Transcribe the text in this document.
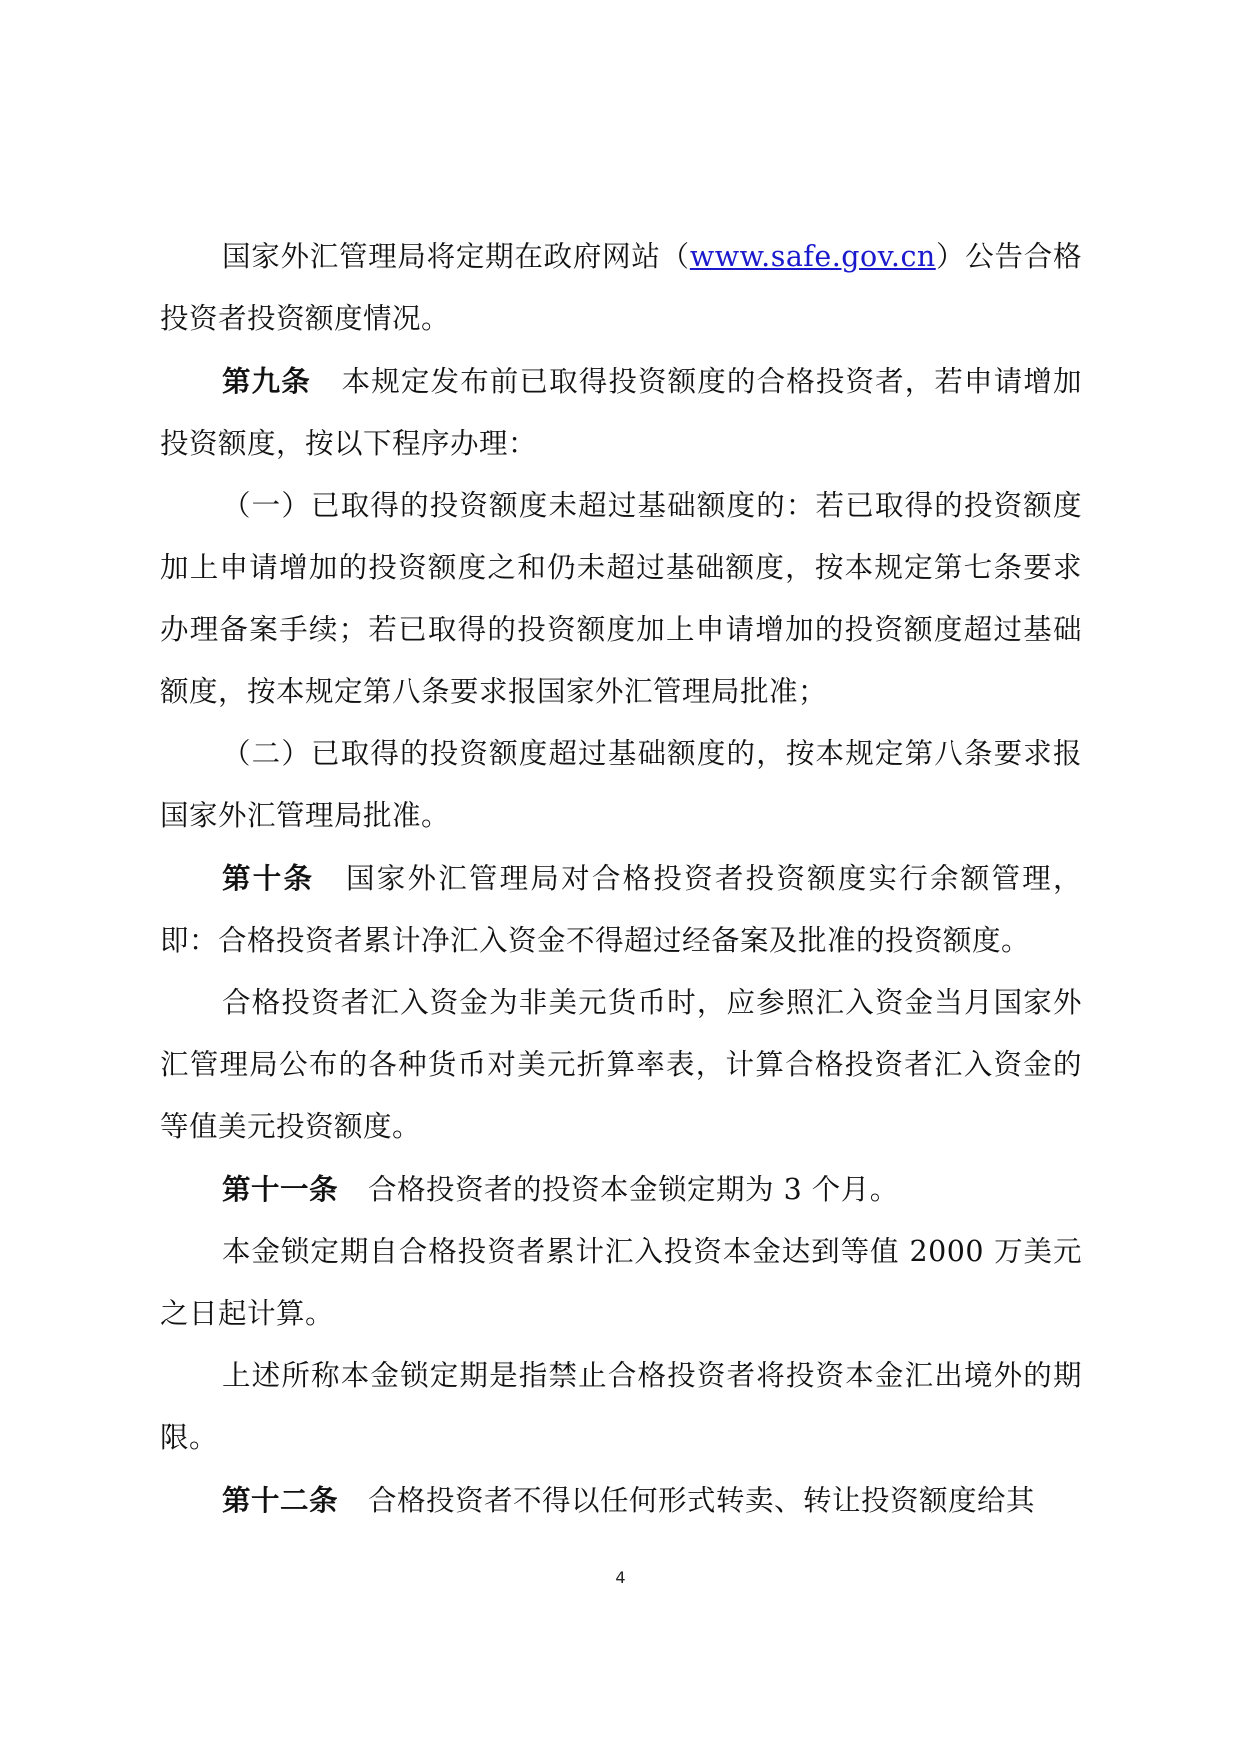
国家外汇管理局将定期在政府网站（www.safe.gov.cn）公告合格投资者投资额度情况。

第九条 本规定发布前已取得投资额度的合格投资者，若申请增加投资额度，按以下程序办理：

（一）已取得的投资额度未超过基础额度的：若已取得的投资额度加上申请增加的投资额度之和仍未超过基础额度，按本规定第七条要求办理备案手续；若已取得的投资额度加上申请增加的投资额度超过基础额度，按本规定第八条要求报国家外汇管理局批准；

（二）已取得的投资额度超过基础额度的，按本规定第八条要求报国家外汇管理局批准。

第十条 国家外汇管理局对合格投资者投资额度实行余额管理，即：合格投资者累计净汇入资金不得超过经备案及批准的投资额度。

合格投资者汇入资金为非美元货币时，应参照汇入资金当月国家外汇管理局公布的各种货币对美元折算率表，计算合格投资者汇入资金的等值美元投资额度。

第十一条 合格投资者的投资本金锁定期为 3 个月。

本金锁定期自合格投资者累计汇入投资本金达到等值 2000 万美元之日起计算。

上述所称本金锁定期是指禁止合格投资者将投资本金汇出境外的期限。

第十二条 合格投资者不得以任何形式转卖、转让投资额度给其

4
